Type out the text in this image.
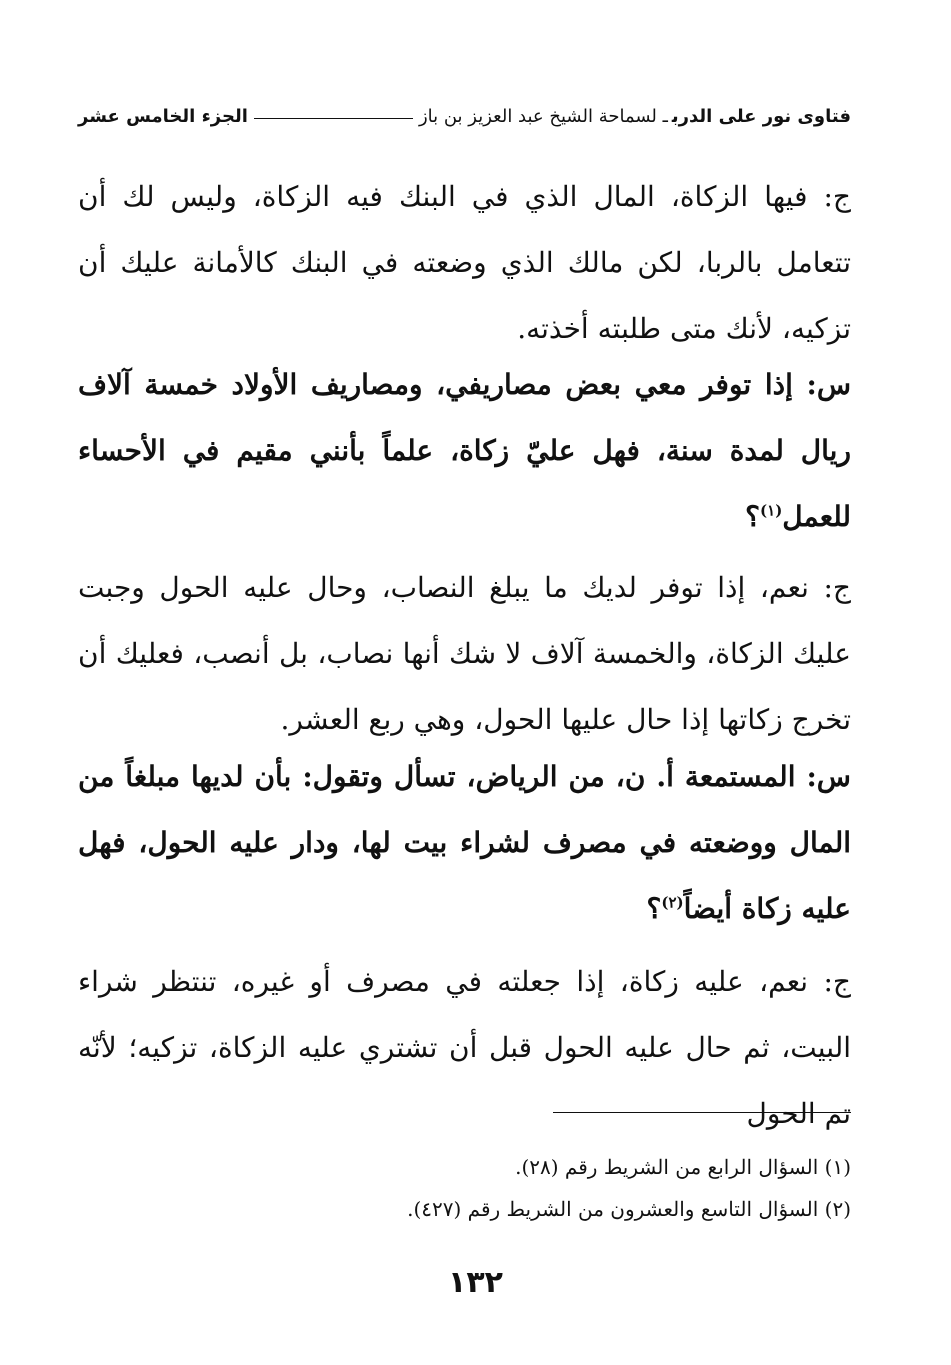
فتاوى نور على الدربـ لسماحة الشيخ عبد العزيز بن باز
الجزء الخامس عشر

ج: فيها الزكاة، المال الذي في البنك فيه الزكاة، وليس لك أن تتعامل بالربا، لكن مالك الذي وضعته في البنك كالأمانة عليك أن تزكيه، لأنك متى طلبته أخذته.

س: إذا توفر معي بعض مصاريفي، ومصاريف الأولاد خمسة آلاف ريال لمدة سنة، فهل عليّ زكاة، علماً بأنني مقيم في الأحساء للعمل$^{(١)}$؟

ج: نعم، إذا توفر لديك ما يبلغ النصاب، وحال عليه الحول وجبت عليك الزكاة، والخمسة آلاف لا شك أنها نصاب، بل أنصب، فعليك أن تخرج زكاتها إذا حال عليها الحول، وهي ربع العشر.

س: المستمعة أ. ن، من الرياض، تسأل وتقول: بأن لديها مبلغاً من المال ووضعته في مصرف لشراء بيت لها، ودار عليه الحول، فهل عليه زكاة أيضاً$^{(٢)}$؟

ج: نعم، عليه زكاة، إذا جعلته في مصرف أو غيره، تنتظر شراء البيت، ثم حال عليه الحول قبل أن تشتري عليه الزكاة، تزكيه؛ لأنّه تم الحول

(١) السؤال الرابع من الشريط رقم (٢٨).
(٢) السؤال التاسع والعشرون من الشريط رقم (٤٢٧).
١٣٢
